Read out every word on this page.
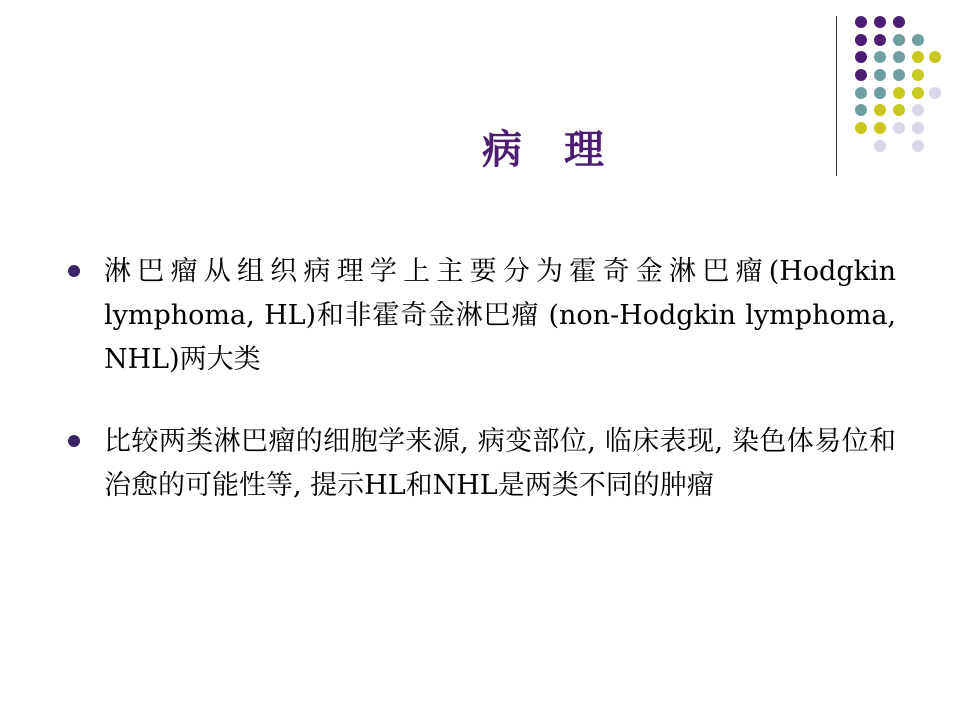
病 理
淋巴瘤从组织病理学上主要分为霍奇金淋巴瘤(Hodgkin lymphoma, HL)和非霍奇金淋巴瘤 (non-Hodgkin lymphoma, NHL)两大类
比较两类淋巴瘤的细胞学来源, 病变部位, 临床表现, 染色体易位和治愈的可能性等, 提示HL和NHL是两类不同的肿瘤
